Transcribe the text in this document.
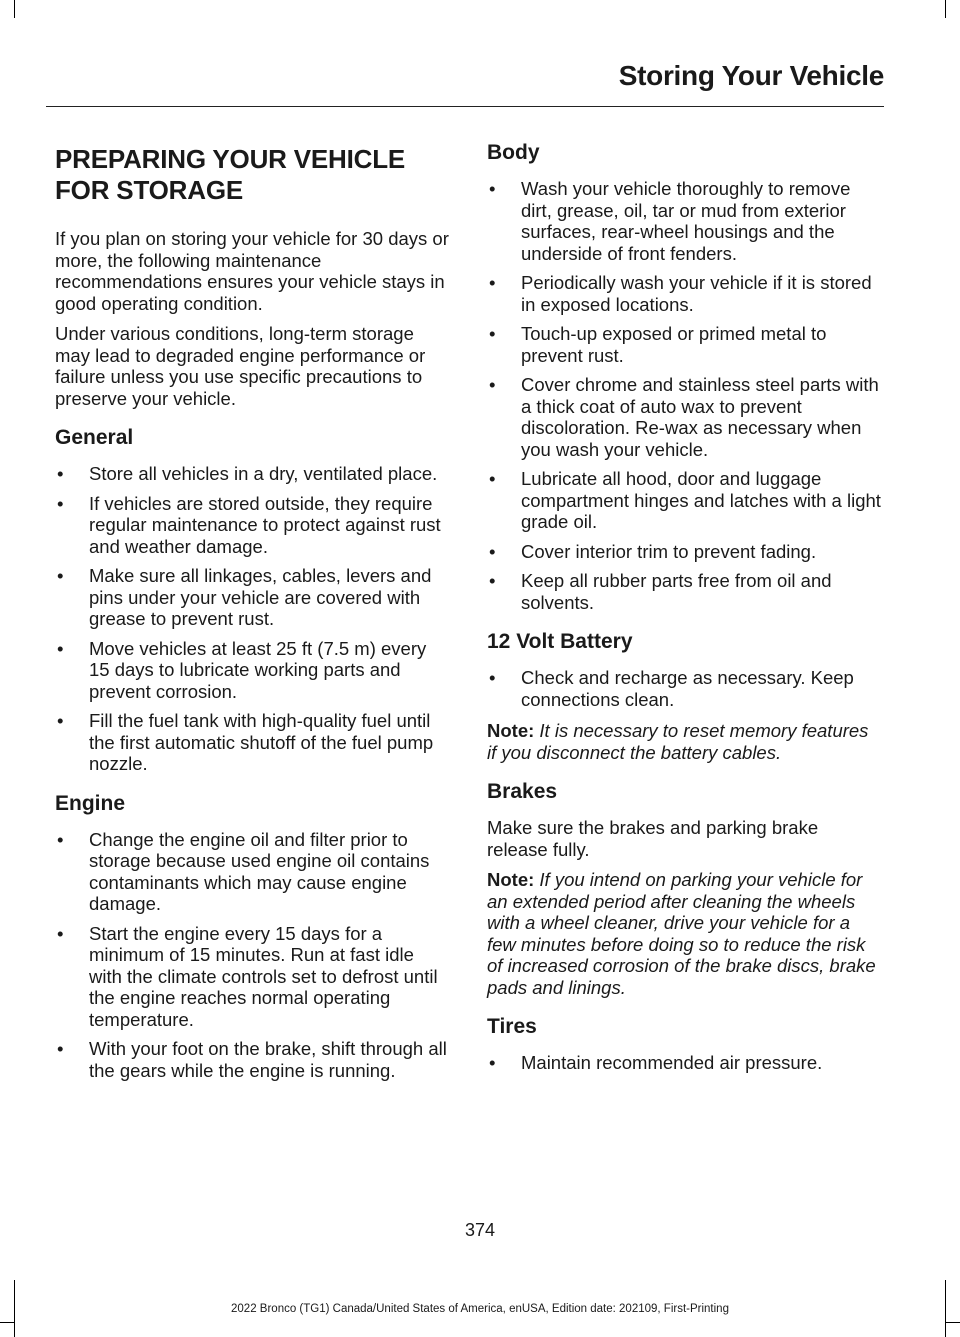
Storing Your Vehicle
PREPARING YOUR VEHICLE
FOR STORAGE

If you plan on storing your vehicle for 30 days or more, the following maintenance recommendations ensures your vehicle stays in good operating condition.

Under various conditions, long-term storage may lead to degraded engine performance or failure unless you use specific precautions to preserve your vehicle.

General
• Store all vehicles in a dry, ventilated place.
• If vehicles are stored outside, they require regular maintenance to protect against rust and weather damage.
• Make sure all linkages, cables, levers and pins under your vehicle are covered with grease to prevent rust.
• Move vehicles at least 25 ft (7.5 m) every 15 days to lubricate working parts and prevent corrosion.
• Fill the fuel tank with high-quality fuel until the first automatic shutoff of the fuel pump nozzle.
Engine
• Change the engine oil and filter prior to storage because used engine oil contains contaminants which may cause engine damage.
• Start the engine every 15 days for a minimum of 15 minutes. Run at fast idle with the climate controls set to defrost until the engine reaches normal operating temperature.
• With your foot on the brake, shift through all the gears while the engine is running.
Body
• Wash your vehicle thoroughly to remove dirt, grease, oil, tar or mud from exterior surfaces, rear-wheel housings and the underside of front fenders.
• Periodically wash your vehicle if it is stored in exposed locations.
• Touch-up exposed or primed metal to prevent rust.
• Cover chrome and stainless steel parts with a thick coat of auto wax to prevent discoloration. Re-wax as necessary when you wash your vehicle.
• Lubricate all hood, door and luggage compartment hinges and latches with a light grade oil.
• Cover interior trim to prevent fading.
• Keep all rubber parts free from oil and solvents.
12 Volt Battery
• Check and recharge as necessary. Keep connections clean.

Note: It is necessary to reset memory features if you disconnect the battery cables.

Brakes

Make sure the brakes and parking brake release fully.

Note: If you intend on parking your vehicle for an extended period after cleaning the wheels with a wheel cleaner, drive your vehicle for a few minutes before doing so to reduce the risk of increased corrosion of the brake discs, brake pads and linings.

Tires
• Maintain recommended air pressure.
374
2022 Bronco (TG1) Canada/United States of America, enUSA, Edition date: 202109, First-Printing
